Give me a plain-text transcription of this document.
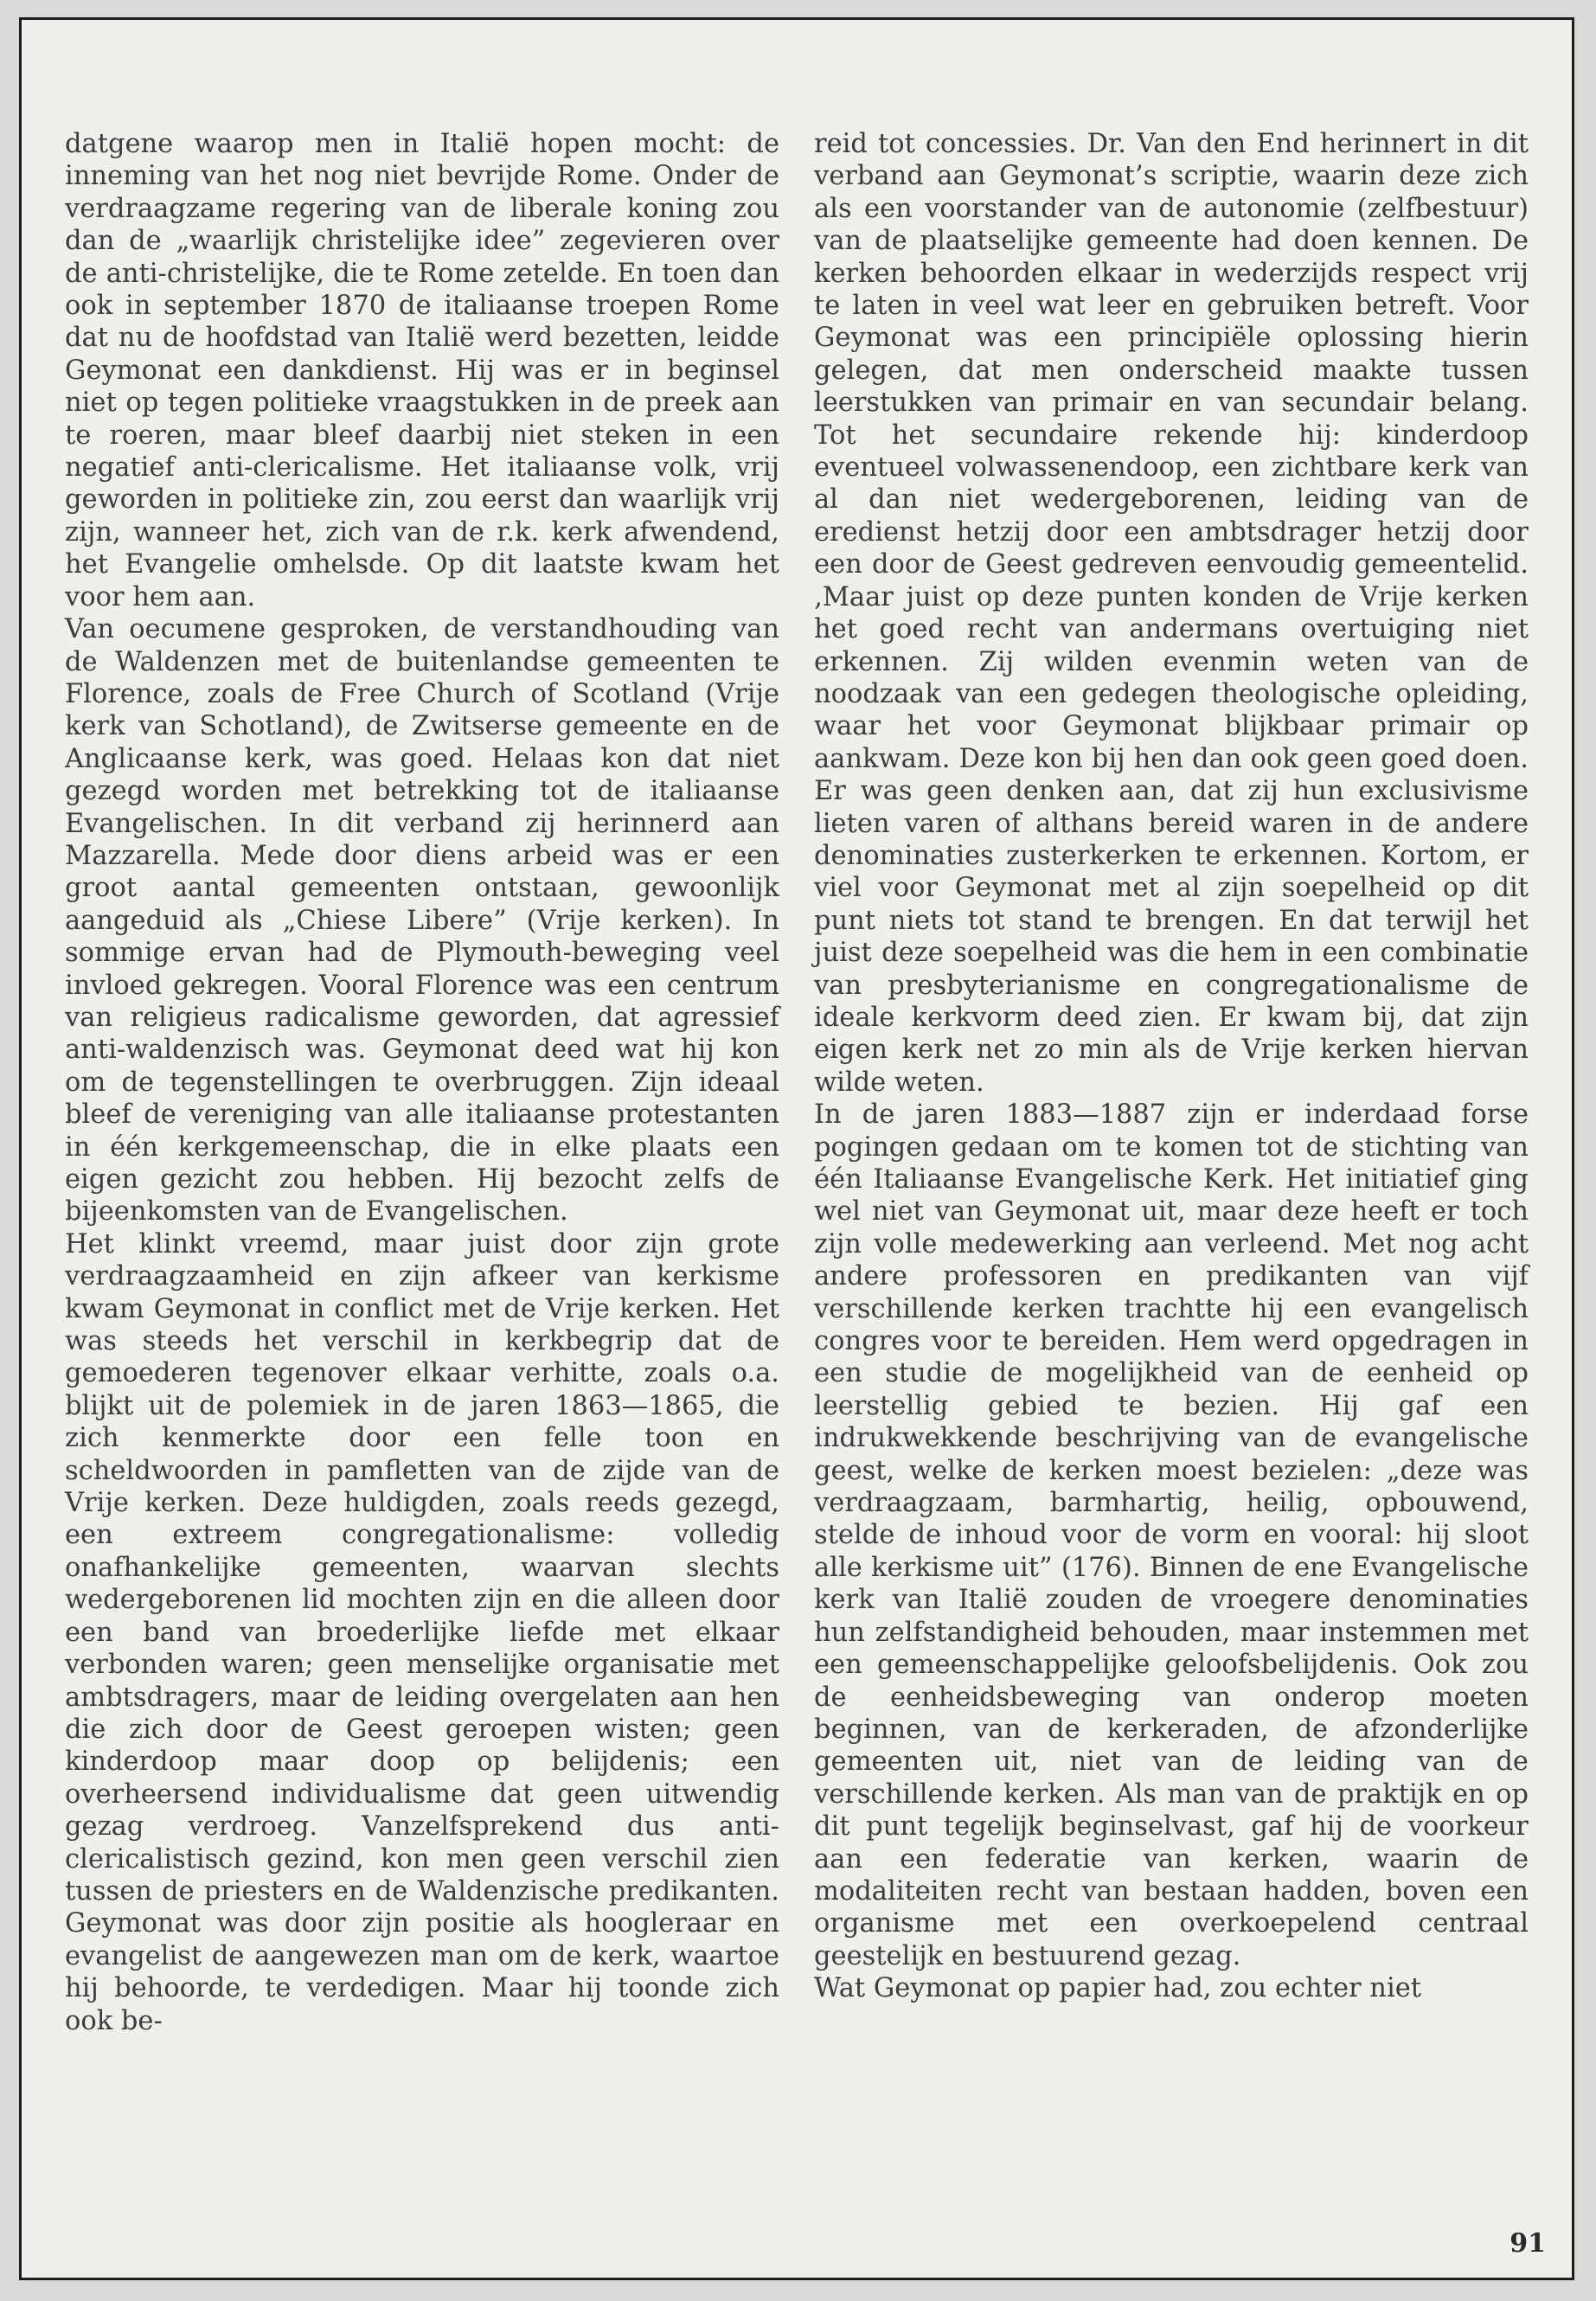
datgene waarop men in Italië hopen mocht: de inneming van het nog niet bevrijde Rome. Onder de verdraagzame regering van de liberale koning zou dan de „waarlijk christelijke idee” zegevieren over de anti-christelijke, die te Rome zetelde. En toen dan ook in september 1870 de italiaanse troepen Rome dat nu de hoofdstad van Italië werd bezetten, leidde Geymonat een dankdienst. Hij was er in beginsel niet op tegen politieke vraagstukken in de preek aan te roeren, maar bleef daarbij niet steken in een negatief anti-clericalisme. Het italiaanse volk, vrij geworden in politieke zin, zou eerst dan waarlijk vrij zijn, wanneer het, zich van de r.k. kerk afwendend, het Evangelie omhelsde. Op dit laatste kwam het voor hem aan.

Van oecumene gesproken, de verstandhouding van de Waldenzen met de buitenlandse gemeenten te Florence, zoals de Free Church of Scotland (Vrije kerk van Schotland), de Zwitserse gemeente en de Anglicaanse kerk, was goed. Helaas kon dat niet gezegd worden met betrekking tot de italiaanse Evangelischen. In dit verband zij herinnerd aan Mazzarella. Mede door diens arbeid was er een groot aantal gemeenten ontstaan, gewoonlijk aangeduid als „Chiese Libere” (Vrije kerken). In sommige ervan had de Plymouth-beweging veel invloed gekregen. Vooral Florence was een centrum van religieus radicalisme geworden, dat agressief anti-waldenzisch was. Geymonat deed wat hij kon om de tegenstellingen te overbruggen. Zijn ideaal bleef de vereniging van alle italiaanse protestanten in één kerkgemeenschap, die in elke plaats een eigen gezicht zou hebben. Hij bezocht zelfs de bijeenkomsten van de Evangelischen.

Het klinkt vreemd, maar juist door zijn grote verdraagzaamheid en zijn afkeer van kerkisme kwam Geymonat in conflict met de Vrije kerken. Het was steeds het verschil in kerkbegrip dat de gemoederen tegenover elkaar verhitte, zoals o.a. blijkt uit de polemiek in de jaren 1863—1865, die zich kenmerkte door een felle toon en scheldwoorden in pamfletten van de zijde van de Vrije kerken. Deze huldigden, zoals reeds gezegd, een extreem congregationalisme: volledig onafhankelijke gemeenten, waarvan slechts wedergeborenen lid mochten zijn en die alleen door een band van broederlijke liefde met elkaar verbonden waren; geen menselijke organisatie met ambtsdragers, maar de leiding overgelaten aan hen die zich door de Geest geroepen wisten; geen kinderdoop maar doop op belijdenis; een overheersend individualisme dat geen uitwendig gezag verdroeg. Vanzelfsprekend dus anti-clericalistisch gezind, kon men geen verschil zien tussen de priesters en de Waldenzische predikanten. Geymonat was door zijn positie als hoogleraar en evangelist de aangewezen man om de kerk, waartoe hij behoorde, te verdedigen. Maar hij toonde zich ook be-

reid tot concessies. Dr. Van den End herinnert in dit verband aan Geymonat’s scriptie, waarin deze zich als een voorstander van de autonomie (zelfbestuur) van de plaatselijke gemeente had doen kennen. De kerken behoorden elkaar in wederzijds respect vrij te laten in veel wat leer en gebruiken betreft. Voor Geymonat was een principiële oplossing hierin gelegen, dat men onderscheid maakte tussen leerstukken van primair en van secundair belang. Tot het secundaire rekende hij: kinderdoop eventueel volwassenendoop, een zichtbare kerk van al dan niet wedergeborenen, leiding van de eredienst hetzij door een ambtsdrager hetzij door een door de Geest gedreven eenvoudig gemeentelid. ‚Maar juist op deze punten konden de Vrije kerken het goed recht van andermans overtuiging niet erkennen. Zij wilden evenmin weten van de noodzaak van een gedegen theologische opleiding, waar het voor Geymonat blijkbaar primair op aankwam. Deze kon bij hen dan ook geen goed doen. Er was geen denken aan, dat zij hun exclusivisme lieten varen of althans bereid waren in de andere denominaties zusterkerken te erkennen. Kortom, er viel voor Geymonat met al zijn soepelheid op dit punt niets tot stand te brengen. En dat terwijl het juist deze soepelheid was die hem in een combinatie van presbyterianisme en congregationalisme de ideale kerkvorm deed zien. Er kwam bij, dat zijn eigen kerk net zo min als de Vrije kerken hiervan wilde weten.

In de jaren 1883—1887 zijn er inderdaad forse pogingen gedaan om te komen tot de stichting van één Italiaanse Evangelische Kerk. Het initiatief ging wel niet van Geymonat uit, maar deze heeft er toch zijn volle medewerking aan verleend. Met nog acht andere professoren en predikanten van vijf verschillende kerken trachtte hij een evangelisch congres voor te bereiden. Hem werd opgedragen in een studie de mogelijkheid van de eenheid op leerstellig gebied te bezien. Hij gaf een indrukwekkende beschrijving van de evangelische geest, welke de kerken moest bezielen: „deze was verdraagzaam, barmhartig, heilig, opbouwend, stelde de inhoud voor de vorm en vooral: hij sloot alle kerkisme uit” (176). Binnen de ene Evangelische kerk van Italië zouden de vroegere denominaties hun zelfstandigheid behouden, maar instemmen met een gemeenschappelijke geloofsbelijdenis. Ook zou de eenheidsbeweging van onderop moeten beginnen, van de kerkeraden, de afzonderlijke gemeenten uit, niet van de leiding van de verschillende kerken. Als man van de praktijk en op dit punt tegelijk beginselvast, gaf hij de voorkeur aan een federatie van kerken, waarin de modaliteiten recht van bestaan hadden, boven een organisme met een overkoepelend centraal geestelijk en bestuurend gezag.

Wat Geymonat op papier had, zou echter niet

91
